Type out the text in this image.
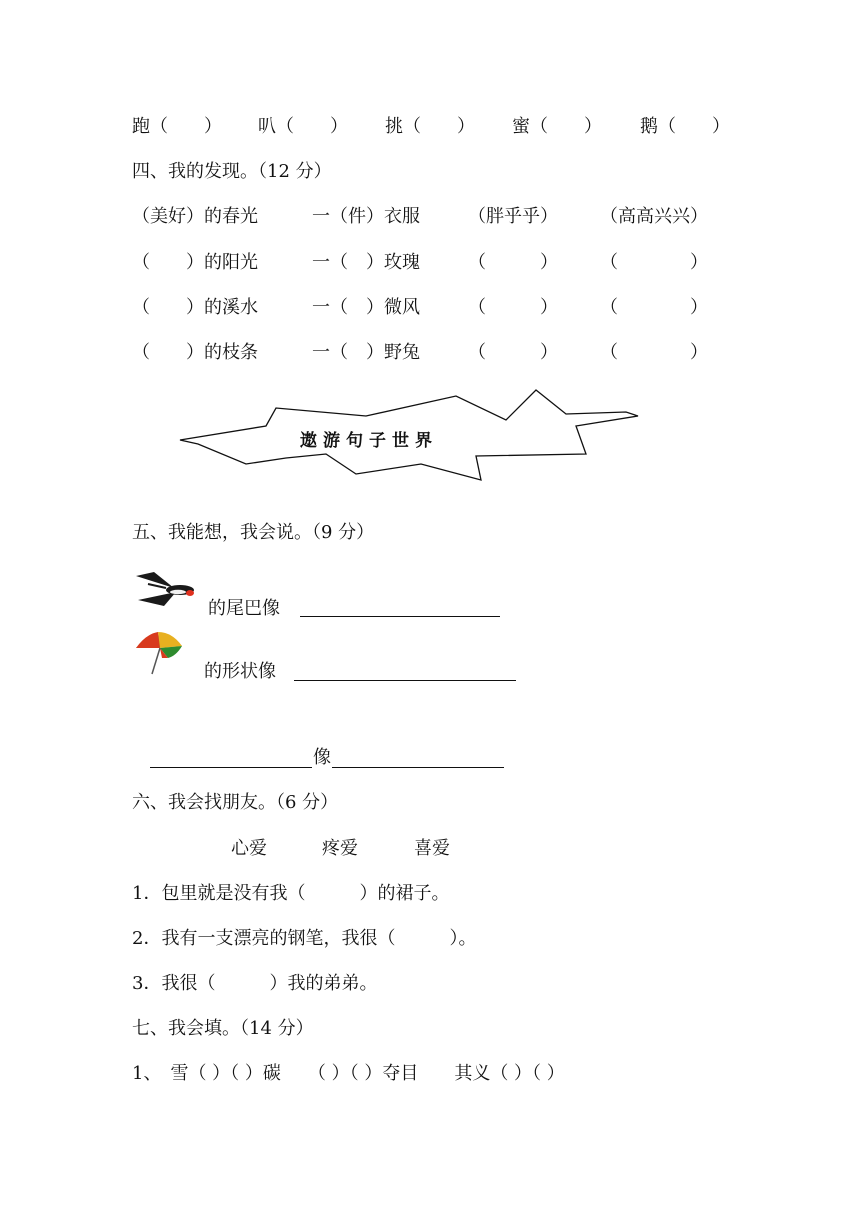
跑（　　） 叭（　　） 挑（　　） 蜜（　　） 鹅（　　）
四、我的发现。（12 分）
（美好）的春光	一（件）衣服	（胖乎乎） （高高兴兴）
（　　）的阳光	一（　）玫瑰	（　　　） （　　　　）
（　　）的溪水	一（　）微风	（　　　） （　　　　）
（　　）的枝条	一（　）野兔	（　　　） （　　　　）
遨游句子世界
五、我能想，我会说。（9 分）
的尾巴像
的形状像
像
六、我会找朋友。（6 分）
心爱	疼爱	喜爱
1．包里就是没有我（　　　）的裙子。
2．我有一支漂亮的钢笔，我很（　　　）。
3．我很（　　　）我的弟弟。
七、我会填。（14 分）
1、　雪（ ）（ ）碳　　（ ）（ ）夺目　　其义（ ）（ ）
